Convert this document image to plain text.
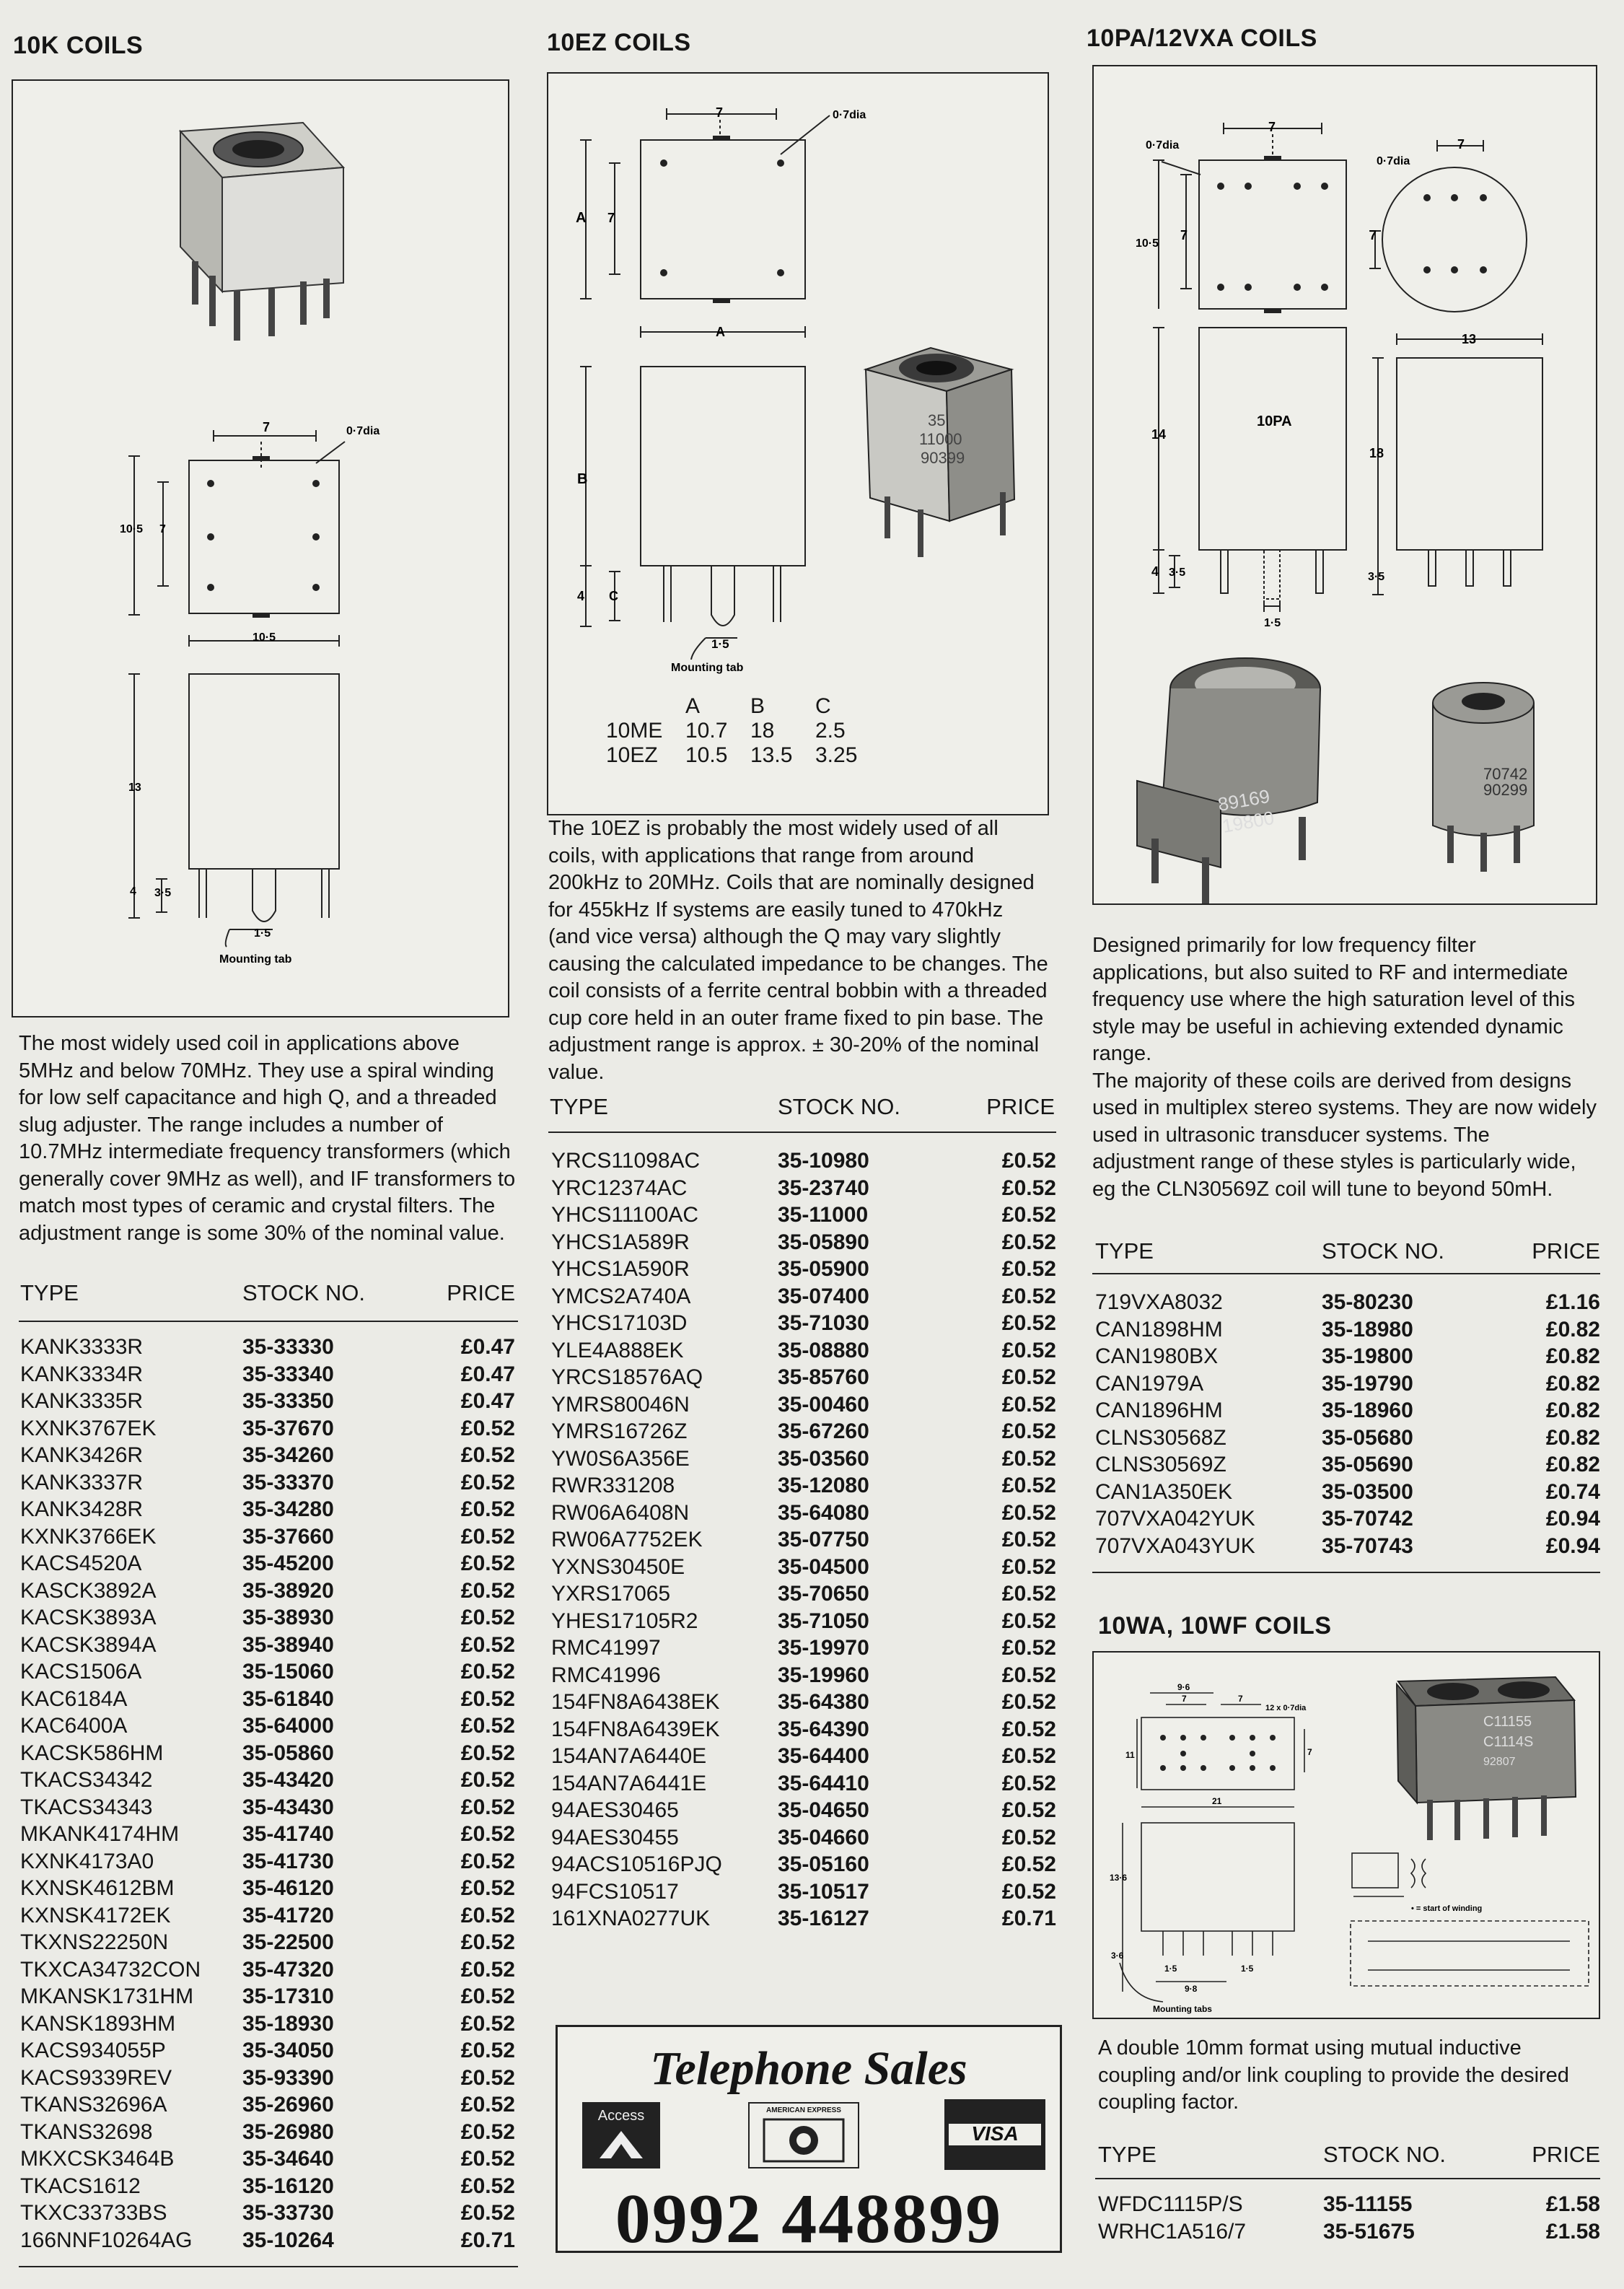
10K COILS
7	0·7dia
10·5 7
10·5
13
4 3·5
1·5
Mounting tab
The most widely used coil in applications above 5MHz and below 70MHz. They use a spiral winding for low self capacitance and high Q, and a threaded slug adjuster. The range includes a number of 10.7MHz intermediate frequency transformers (which generally cover 9MHz as well), and IF transformers to match most types of ceramic and crystal filters. The adjustment range is some 30% of the nominal value.
TYPE	STOCK NO.	PRICE
KANK3333R	35-33330	£0.47
KANK3334R	35-33340	£0.47
KANK3335R	35-33350	£0.47
KXNK3767EK	35-37670	£0.52
KANK3426R	35-34260	£0.52
KANK3337R	35-33370	£0.52
KANK3428R	35-34280	£0.52
KXNK3766EK	35-37660	£0.52
KACS4520A	35-45200	£0.52
KASCK3892A	35-38920	£0.52
KACSK3893A	35-38930	£0.52
KACSK3894A	35-38940	£0.52
KACS1506A	35-15060	£0.52
KAC6184A	35-61840	£0.52
KAC6400A	35-64000	£0.52
KACSK586HM	35-05860	£0.52
TKACS34342	35-43420	£0.52
TKACS34343	35-43430	£0.52
MKANK4174HM	35-41740	£0.52
KXNK4173A0	35-41730	£0.52
KXNSK4612BM	35-46120	£0.52
KXNSK4172EK	35-41720	£0.52
TKXNS22250N	35-22500	£0.52
TKXCA34732CON 35-47320	£0.52
MKANSK1731HM 35-17310	£0.52
KANSK1893HM	35-18930	£0.52
KACS934055P	35-34050	£0.52
KACS9339REV	35-93390	£0.52
TKANS32696A	35-26960	£0.52
TKANS32698	35-26980	£0.52
MKXCSK3464B	35-34640	£0.52
TKACS1612	35-16120	£0.52
TKXC33733BS	35-33730	£0.52
166NNF10264AG 35-10264	£0.71
10EZ COILS
7	0·7dia
A 7
A
B
4 C
1·5
Mounting tab
35
11000
90399
A B C
10ME 10.7 18 2.5
10EZ 10.5 13.5 3.25
The 10EZ is probably the most widely used of all coils, with applications that range from around 200kHz to 20MHz. Coils that are nominally designed for 455kHz If systems are easily tuned to 470kHz (and vice versa) although the Q may vary slightly causing the calculated impedance to be changes. The coil consists of a ferrite central bobbin with a threaded cup core held in an outer frame fixed to pin base. The adjustment range is approx. ± 30-20% of the nominal value.
TYPE	STOCK NO.	PRICE
YRCS11098AC	35-10980	£0.52
YRC12374AC	35-23740	£0.52
YHCS11100AC	35-11000	£0.52
YHCS1A589R	35-05890	£0.52
YHCS1A590R	35-05900	£0.52
YMCS2A740A	35-07400	£0.52
YHCS17103D	35-71030	£0.52
YLE4A888EK	35-08880	£0.52
YRCS18576AQ	35-85760	£0.52
YMRS80046N	35-00460	£0.52
YMRS16726Z	35-67260	£0.52
YW0S6A356E	35-03560	£0.52
RWR331208	35-12080	£0.52
RW06A6408N	35-64080	£0.52
RW06A7752EK	35-07750	£0.52
YXNS30450E	35-04500	£0.52
YXRS17065	35-70650	£0.52
YHES17105R2	35-71050	£0.52
RMC41997	35-19970	£0.52
RMC41996	35-19960	£0.52
154FN8A6438EK	35-64380	£0.52
154FN8A6439EK	35-64390	£0.52
154AN7A6440E	35-64400	£0.52
154AN7A6441E	35-64410	£0.52
94AES30465	35-04650	£0.52
94AES30455	35-04660	£0.52
94ACS10516PJQ	35-05160	£0.52
94FCS10517	35-10517	£0.52
161XNA0277UK	35-16127	£0.71
Telephone Sales
Access	AMERICAN EXPRESS
VISA
0992 448899
10PA/12VXA COILS
0·7dia
7
0·7dia
7
10·5
7	7
13
10PA
14
18
4 3·5	3·5
1·5
89169
19800
70742
90299

Designed primarily for low frequency filter applications, but also suited to RF and intermediate frequency use where the high saturation level of this style may be useful in achieving extended dynamic range.

The majority of these coils are derived from designs used in multiplex stereo systems. They are now widely used in ultrasonic transducer systems. The adjustment range of these styles is particularly wide, eg the CLN30569Z coil will tune to beyond 50mH.

TYPE	STOCK NO.	PRICE
719VXA8032	35-80230	£1.16
CAN1898HM	35-18980	£0.82
CAN1980BX	35-19800	£0.82
CAN1979A	35-19790	£0.82
CAN1896HM	35-18960	£0.82
CLNS30568Z	35-05680	£0.82
CLNS30569Z	35-05690	£0.82
CAN1A350EK	35-03500	£0.74
707VXA042YUK	35-70742	£0.94
707VXA043YUK	35-70743	£0.94
10WA, 10WF COILS
9·6
7	7
12 x 0·7dia
11	7
21
13·6
3·6
1·5	1·5
9·8
Mounting tabs
• = start of winding
C11155
C1114S
92807
A double 10mm format using mutual inductive coupling and/or link coupling to provide the desired coupling factor.
TYPE	STOCK NO.	PRICE
WFDC1115P/S	35-11155	£1.58
WRHC1A516/7	35-51675	£1.58
